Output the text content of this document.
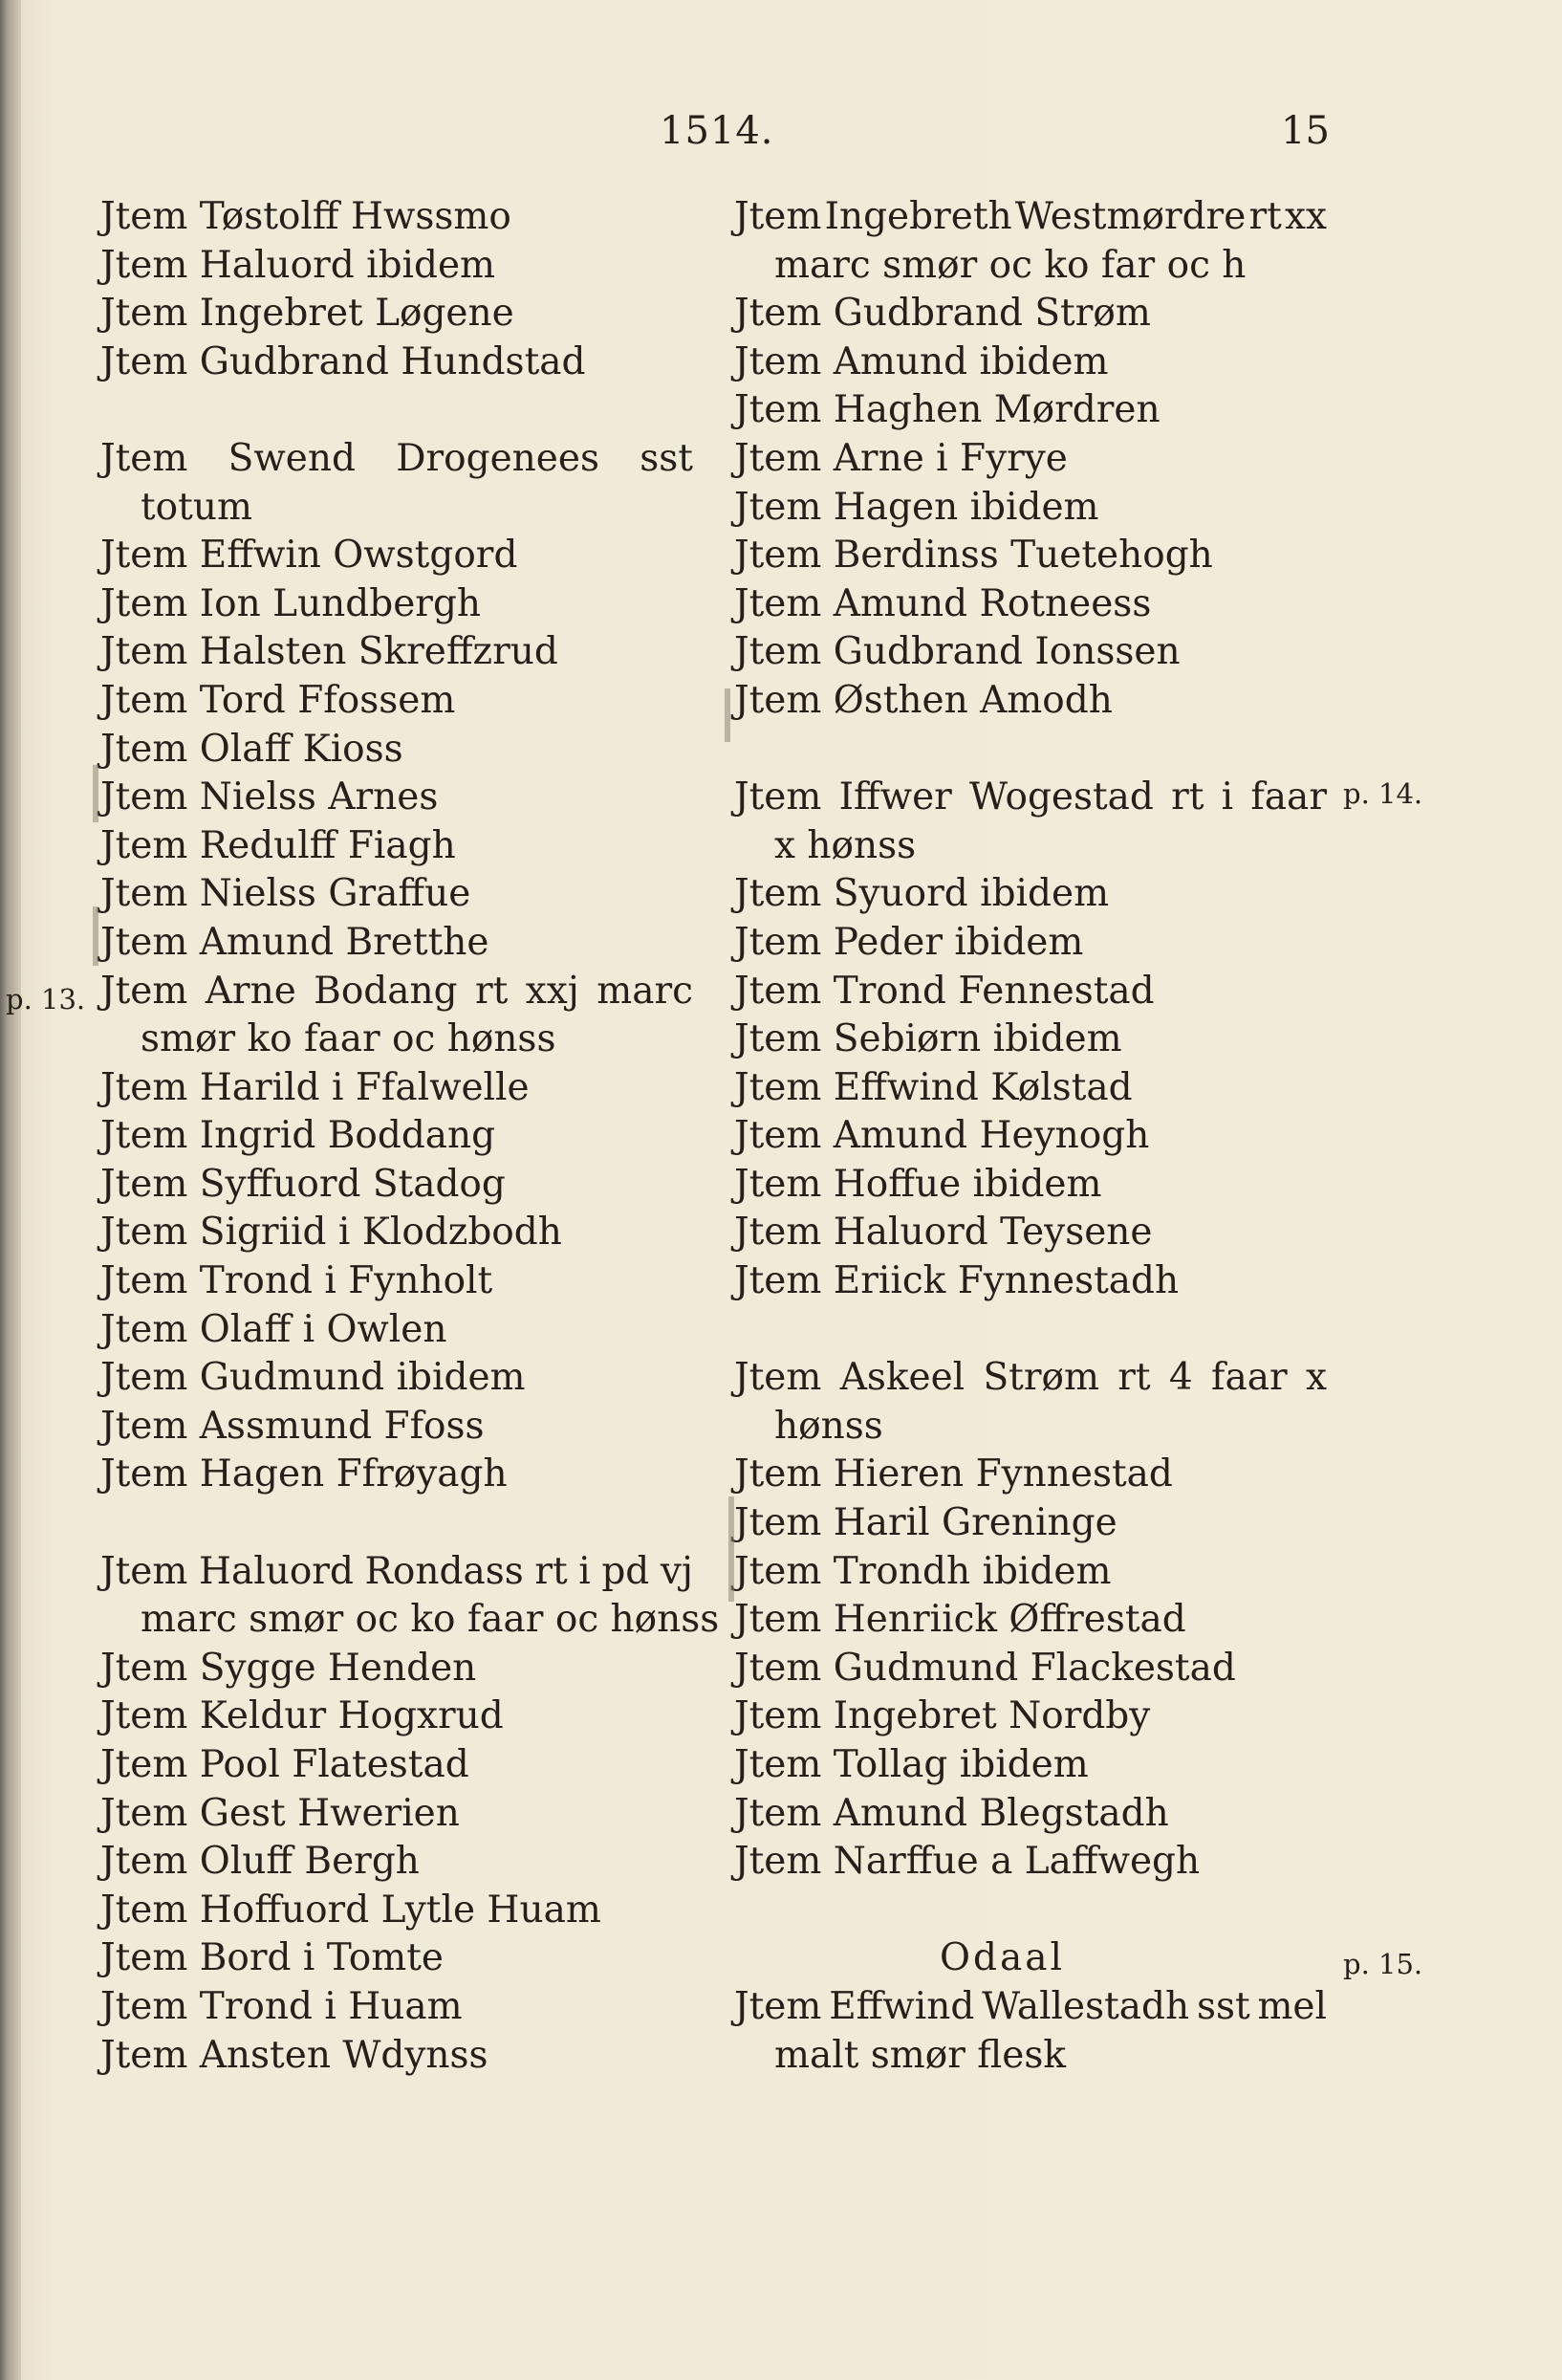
1514.	15
Jtem Tøstolff Hwssmo
Jtem Haluord ibidem
Jtem Ingebret Løgene
Jtem Gudbrand Hundstad
Jtem Swend Drogenees sst
totum
Jtem Effwin Owstgord
Jtem Ion Lundbergh
Jtem Halsten Skreffzrud
Jtem Tord Ffossem
Jtem Olaff Kioss
Jtem Nielss Arnes
Jtem Redulff Fiagh
Jtem Nielss Graffue
Jtem Amund Bretthe
Jtem Arne Bodang rt xxj marc
smør ko faar oc hønss
Jtem Harild i Ffalwelle
Jtem Ingrid Boddang
Jtem Syffuord Stadog
Jtem Sigriid i Klodzbodh
Jtem Trond i Fynholt
Jtem Olaff i Owlen
Jtem Gudmund ibidem
Jtem Assmund Ffoss
Jtem Hagen Ffrøyagh
Jtem Haluord Rondass rt i pd vj
marc smør oc ko faar oc hønss
Jtem Sygge Henden
Jtem Keldur Hogxrud
Jtem Pool Flatestad
Jtem Gest Hwerien
Jtem Oluff Bergh
Jtem Hoffuord Lytle Huam
Jtem Bord i Tomte
Jtem Trond i Huam
Jtem Ansten Wdynss
Jtem Ingebreth Westmørdre rt xx
marc smør oc ko far oc h
Jtem Gudbrand Strøm
Jtem Amund ibidem
Jtem Haghen Mørdren
Jtem Arne i Fyrye
Jtem Hagen ibidem
Jtem Berdinss Tuetehogh
Jtem Amund Rotneess
Jtem Gudbrand Ionssen
Jtem Østhen Amodh
Jtem Iffwer Wogestad rt i faar
x hønss
Jtem Syuord ibidem
Jtem Peder ibidem
Jtem Trond Fennestad
Jtem Sebiørn ibidem
Jtem Effwind Kølstad
Jtem Amund Heynogh
Jtem Hoffue ibidem
Jtem Haluord Teysene
Jtem Eriick Fynnestadh
Jtem Askeel Strøm rt 4 faar x
hønss
Jtem Hieren Fynnestad
Jtem Haril Greninge
Jtem Trondh ibidem
Jtem Henriick Øffrestad
Jtem Gudmund Flackestad
Jtem Ingebret Nordby
Jtem Tollag ibidem
Jtem Amund Blegstadh
Jtem Narffue a Laffwegh
Odaal
Jtem Effwind Wallestadh sst mel
malt smør flesk
p. 13.
p. 14.
p. 15.
